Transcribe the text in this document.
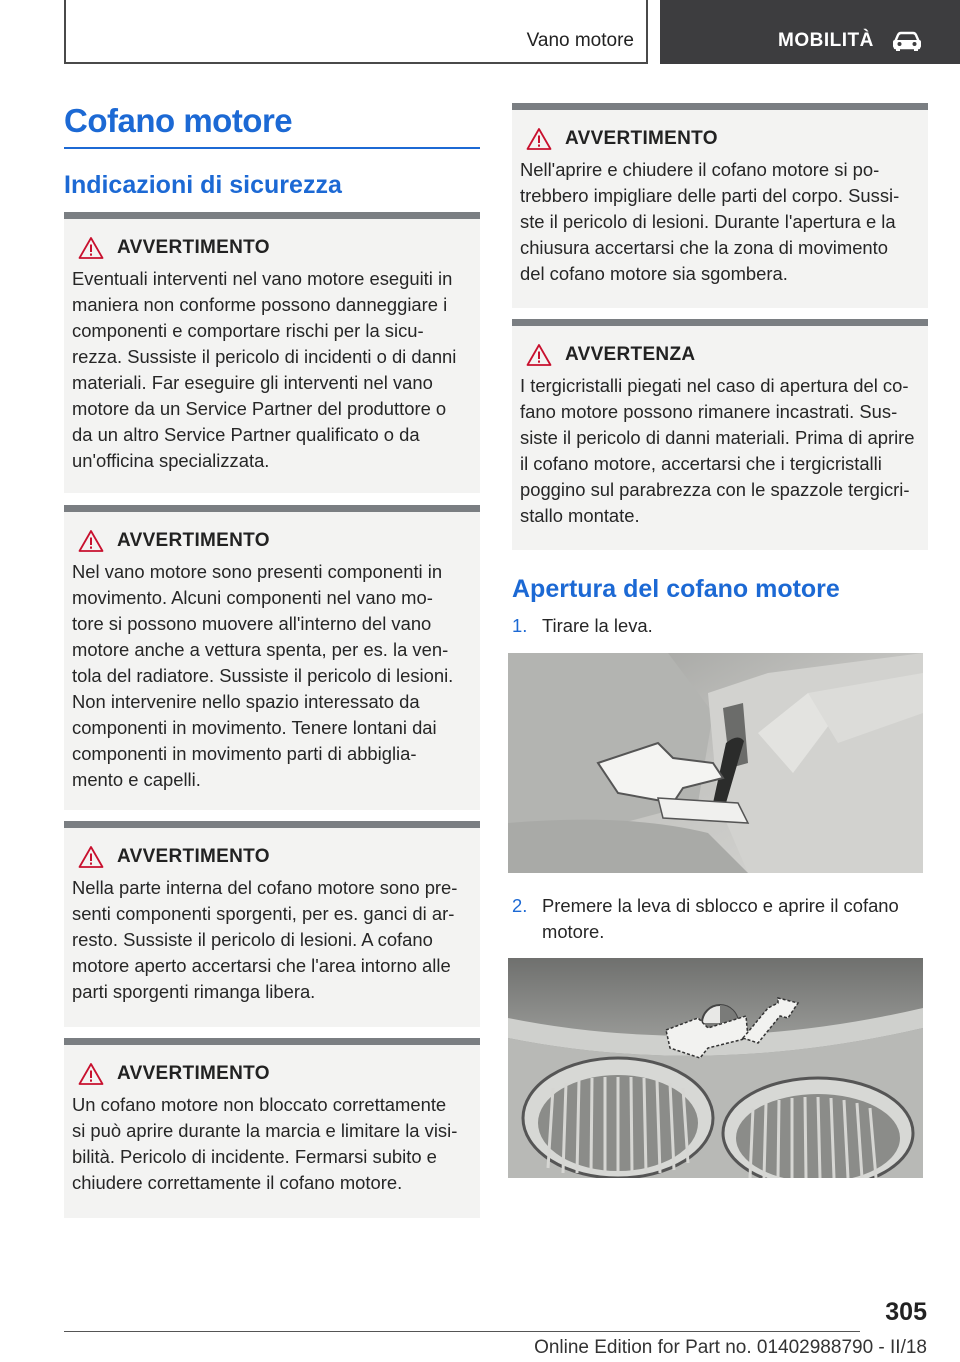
Vano motore	MOBILITÀ
Cofano motore
Indicazioni di sicurezza
AVVERTIMENTO
Eventuali interventi nel vano motore eseguiti in
maniera non conforme possono danneggiare i
componenti e comportare rischi per la sicu-
rezza. Sussiste il pericolo di incidenti o di danni
materiali. Far eseguire gli interventi nel vano
motore da un Service Partner del produttore o
da un altro Service Partner qualificato o da
un'officina specializzata.
AVVERTIMENTO
Nel vano motore sono presenti componenti in
movimento. Alcuni componenti nel vano mo-
tore si possono muovere all'interno del vano
motore anche a vettura spenta, per es. la ven-
tola del radiatore. Sussiste il pericolo di lesioni.
Non intervenire nello spazio interessato da
componenti in movimento. Tenere lontani dai
componenti in movimento parti di abbiglia-
mento e capelli.
AVVERTIMENTO
Nella parte interna del cofano motore sono pre-
senti componenti sporgenti, per es. ganci di ar-
resto. Sussiste il pericolo di lesioni. A cofano
motore aperto accertarsi che l'area intorno alle
parti sporgenti rimanga libera.
AVVERTIMENTO
Un cofano motore non bloccato correttamente
si può aprire durante la marcia e limitare la visi-
bilità. Pericolo di incidente. Fermarsi subito e
chiudere correttamente il cofano motore.
AVVERTIMENTO
Nell'aprire e chiudere il cofano motore si po-
trebbero impigliare delle parti del corpo. Sussi-
ste il pericolo di lesioni. Durante l'apertura e la
chiusura accertarsi che la zona di movimento
del cofano motore sia sgombera.
AVVERTENZA
I tergicristalli piegati nel caso di apertura del co-
fano motore possono rimanere incastrati. Sus-
siste il pericolo di danni materiali. Prima di aprire
il cofano motore, accertarsi che i tergicristalli
poggino sul parabrezza con le spazzole tergicri-
stallo montate.
Apertura del cofano motore
1. Tirare la leva.
2. Premere la leva di sblocco e aprire il cofano
motore.
305
Online Edition for Part no. 01402988790 - II/18
